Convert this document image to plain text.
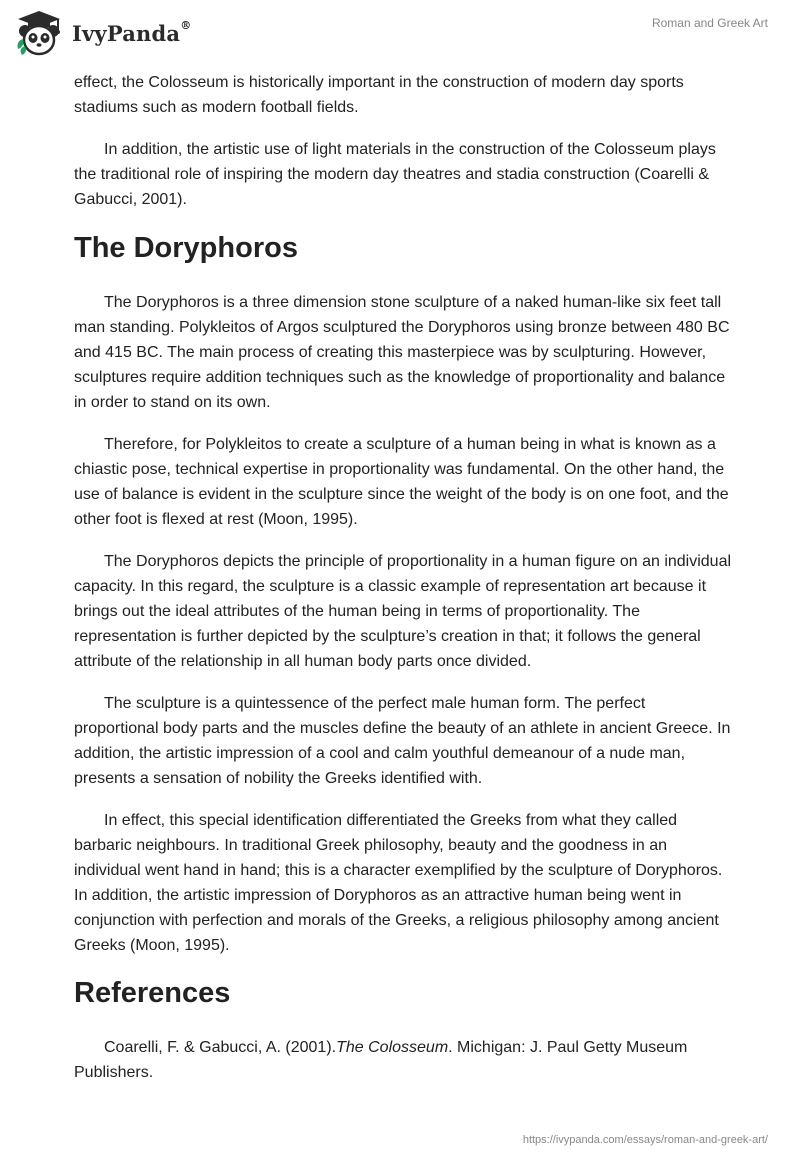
IvyPanda®	Roman and Greek Art

effect, the Colosseum is historically important in the construction of modern day sports stadiums such as modern football fields.

In addition, the artistic use of light materials in the construction of the Colosseum plays the traditional role of inspiring the modern day theatres and stadia construction (Coarelli & Gabucci, 2001).

The Doryphoros

The Doryphoros is a three dimension stone sculpture of a naked human-like six feet tall man standing. Polykleitos of Argos sculptured the Doryphoros using bronze between 480 BC and 415 BC. The main process of creating this masterpiece was by sculpturing. However, sculptures require addition techniques such as the knowledge of proportionality and balance in order to stand on its own.

Therefore, for Polykleitos to create a sculpture of a human being in what is known as a chiastic pose, technical expertise in proportionality was fundamental. On the other hand, the use of balance is evident in the sculpture since the weight of the body is on one foot, and the other foot is flexed at rest (Moon, 1995).

The Doryphoros depicts the principle of proportionality in a human figure on an individual capacity. In this regard, the sculpture is a classic example of representation art because it brings out the ideal attributes of the human being in terms of proportionality. The representation is further depicted by the sculpture’s creation in that; it follows the general attribute of the relationship in all human body parts once divided.

The sculpture is a quintessence of the perfect male human form. The perfect proportional body parts and the muscles define the beauty of an athlete in ancient Greece. In addition, the artistic impression of a cool and calm youthful demeanour of a nude man, presents a sensation of nobility the Greeks identified with.

In effect, this special identification differentiated the Greeks from what they called barbaric neighbours. In traditional Greek philosophy, beauty and the goodness in an individual went hand in hand; this is a character exemplified by the sculpture of Doryphoros. In addition, the artistic impression of Doryphoros as an attractive human being went in conjunction with perfection and morals of the Greeks, a religious philosophy among ancient Greeks (Moon, 1995).

References

Coarelli, F. & Gabucci, A. (2001).The Colosseum. Michigan: J. Paul Getty Museum Publishers.

https://ivypanda.com/essays/roman-and-greek-art/
